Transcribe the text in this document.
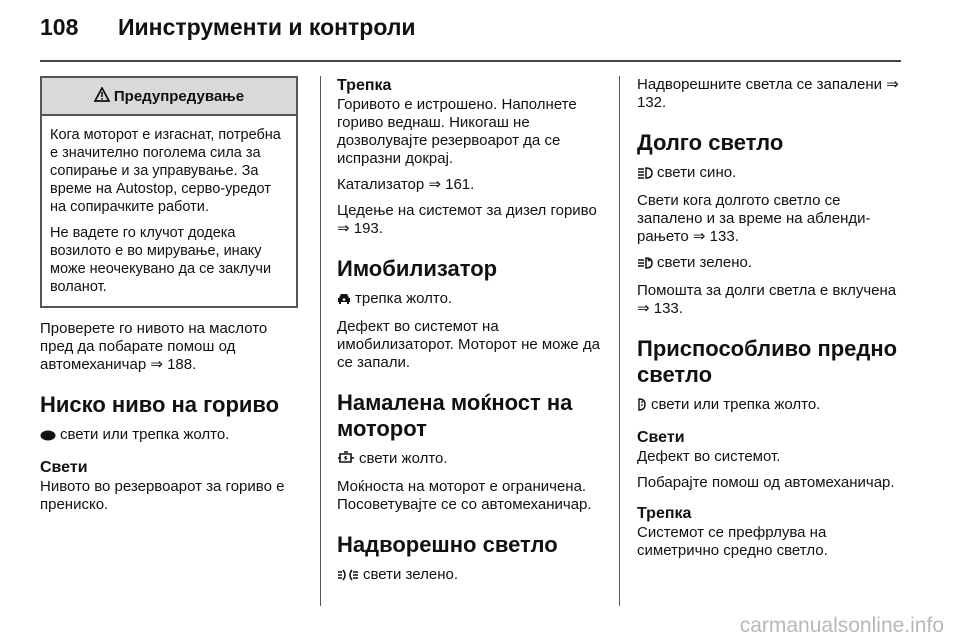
108 Иинструменти и контроли
Предупредување

Кога моторот е изгаснат, потребна е значително поголема сила за сопирање и за управување. За време на Autostop, серво-уредот на сопирачките работи.

Не вадете го клучот додека возилото е во мирување, инаку може неочекувано да се заклучи воланот.

Проверете го нивото на маслото пред да побарате помош од автомеханичар ⇒ 188.

Ниско ниво на гориво

свети или трепка жолто.

Свети

Нивото во резервоарот за гориво е прениско.

Трепка

Горивото е истрошено. Наполнете гориво веднаш. Никогаш не дозволувајте резервоарот да се испразни докрај.

Катализатор ⇒ 161.

Цедење на системот за дизел гориво ⇒ 193.

Имобилизатор

трепка жолто.

Дефект во системот на имобилизаторот. Моторот не може да се запали.

Намалена моќност на моторот

свети жолто.

Моќноста на моторот е ограничена. Посоветувајте се со автомеханичар.

Надворешно светло

свети зелено.

Надворешните светла се запалени ⇒ 132.

Долго светло

свети сино.

Свети кога долгото светло се запалено и за време на аблендирањето ⇒ 133.

свети зелено.

Помошта за долги светла е вклучена ⇒ 133.

Приспособливо предно светло

свети или трепка жолто.

Свети

Дефект во системот.

Побарајте помош од автомеханичар.

Трепка

Системот се префрлува на симетрично средно светло.

carmanualsonline.info
